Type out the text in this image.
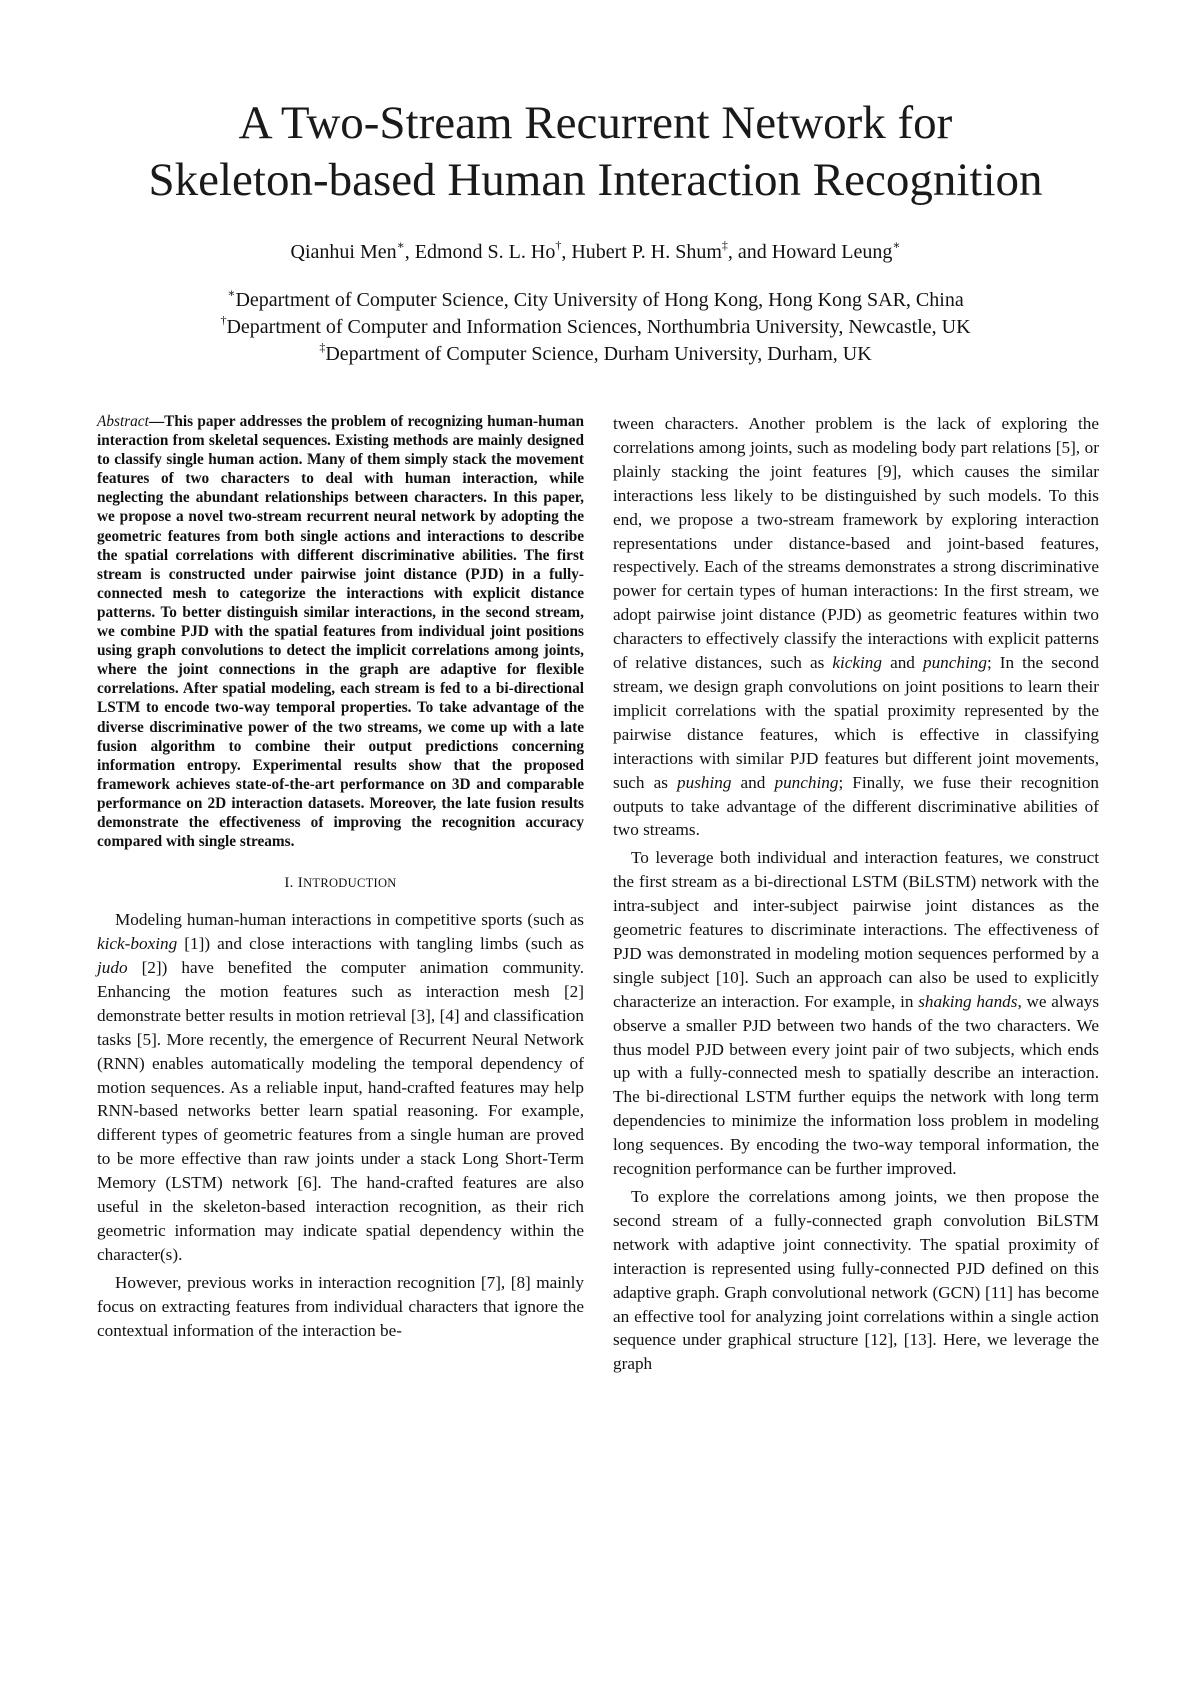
A Two-Stream Recurrent Network for
Skeleton-based Human Interaction Recognition
Qianhui Men∗, Edmond S. L. Ho†, Hubert P. H. Shum‡, and Howard Leung∗
∗Department of Computer Science, City University of Hong Kong, Hong Kong SAR, China
†Department of Computer and Information Sciences, Northumbria University, Newcastle, UK
‡Department of Computer Science, Durham University, Durham, UK

Abstract—This paper addresses the problem of recognizing human-human interaction from skeletal sequences. Existing methods are mainly designed to classify single human action. Many of them simply stack the movement features of two characters to deal with human interaction, while neglecting the abundant relationships between characters. In this paper, we propose a novel two-stream recurrent neural network by adopting the geometric features from both single actions and interactions to describe the spatial correlations with different discriminative abilities. The first stream is constructed under pairwise joint distance (PJD) in a fully-connected mesh to categorize the interactions with explicit distance patterns. To better distinguish similar interactions, in the second stream, we combine PJD with the spatial features from individual joint positions using graph convolutions to detect the implicit correlations among joints, where the joint connections in the graph are adaptive for flexible correlations. After spatial modeling, each stream is fed to a bi-directional LSTM to encode two-way temporal properties. To take advantage of the diverse discriminative power of the two streams, we come up with a late fusion algorithm to combine their output predictions concerning information entropy. Experimental results show that the proposed framework achieves state-of-the-art performance on 3D and comparable performance on 2D interaction datasets. Moreover, the late fusion results demonstrate the effectiveness of improving the recognition accuracy compared with single streams.

I. INTRODUCTION

Modeling human-human interactions in competitive sports (such as kick-boxing [1]) and close interactions with tangling limbs (such as judo [2]) have benefited the computer animation community. Enhancing the motion features such as interaction mesh [2] demonstrate better results in motion retrieval [3], [4] and classification tasks [5]. More recently, the emergence of Recurrent Neural Network (RNN) enables automatically modeling the temporal dependency of motion sequences. As a reliable input, hand-crafted features may help RNN-based networks better learn spatial reasoning. For example, different types of geometric features from a single human are proved to be more effective than raw joints under a stack Long Short-Term Memory (LSTM) network [6]. The hand-crafted features are also useful in the skeleton-based interaction recognition, as their rich geometric information may indicate spatial dependency within the character(s).

However, previous works in interaction recognition [7], [8] mainly focus on extracting features from individual characters that ignore the contextual information of the interaction be-

tween characters. Another problem is the lack of exploring the correlations among joints, such as modeling body part relations [5], or plainly stacking the joint features [9], which causes the similar interactions less likely to be distinguished by such models. To this end, we propose a two-stream framework by exploring interaction representations under distance-based and joint-based features, respectively. Each of the streams demonstrates a strong discriminative power for certain types of human interactions: In the first stream, we adopt pairwise joint distance (PJD) as geometric features within two characters to effectively classify the interactions with explicit patterns of relative distances, such as kicking and punching; In the second stream, we design graph convolutions on joint positions to learn their implicit correlations with the spatial proximity represented by the pairwise distance features, which is effective in classifying interactions with similar PJD features but different joint movements, such as pushing and punching; Finally, we fuse their recognition outputs to take advantage of the different discriminative abilities of two streams.

To leverage both individual and interaction features, we construct the first stream as a bi-directional LSTM (BiLSTM) network with the intra-subject and inter-subject pairwise joint distances as the geometric features to discriminate interactions. The effectiveness of PJD was demonstrated in modeling motion sequences performed by a single subject [10]. Such an approach can also be used to explicitly characterize an interaction. For example, in shaking hands, we always observe a smaller PJD between two hands of the two characters. We thus model PJD between every joint pair of two subjects, which ends up with a fully-connected mesh to spatially describe an interaction. The bi-directional LSTM further equips the network with long term dependencies to minimize the information loss problem in modeling long sequences. By encoding the two-way temporal information, the recognition performance can be further improved.

To explore the correlations among joints, we then propose the second stream of a fully-connected graph convolution BiLSTM network with adaptive joint connectivity. The spatial proximity of interaction is represented using fully-connected PJD defined on this adaptive graph. Graph convolutional network (GCN) [11] has become an effective tool for analyzing joint correlations within a single action sequence under graphical structure [12], [13]. Here, we leverage the graph
